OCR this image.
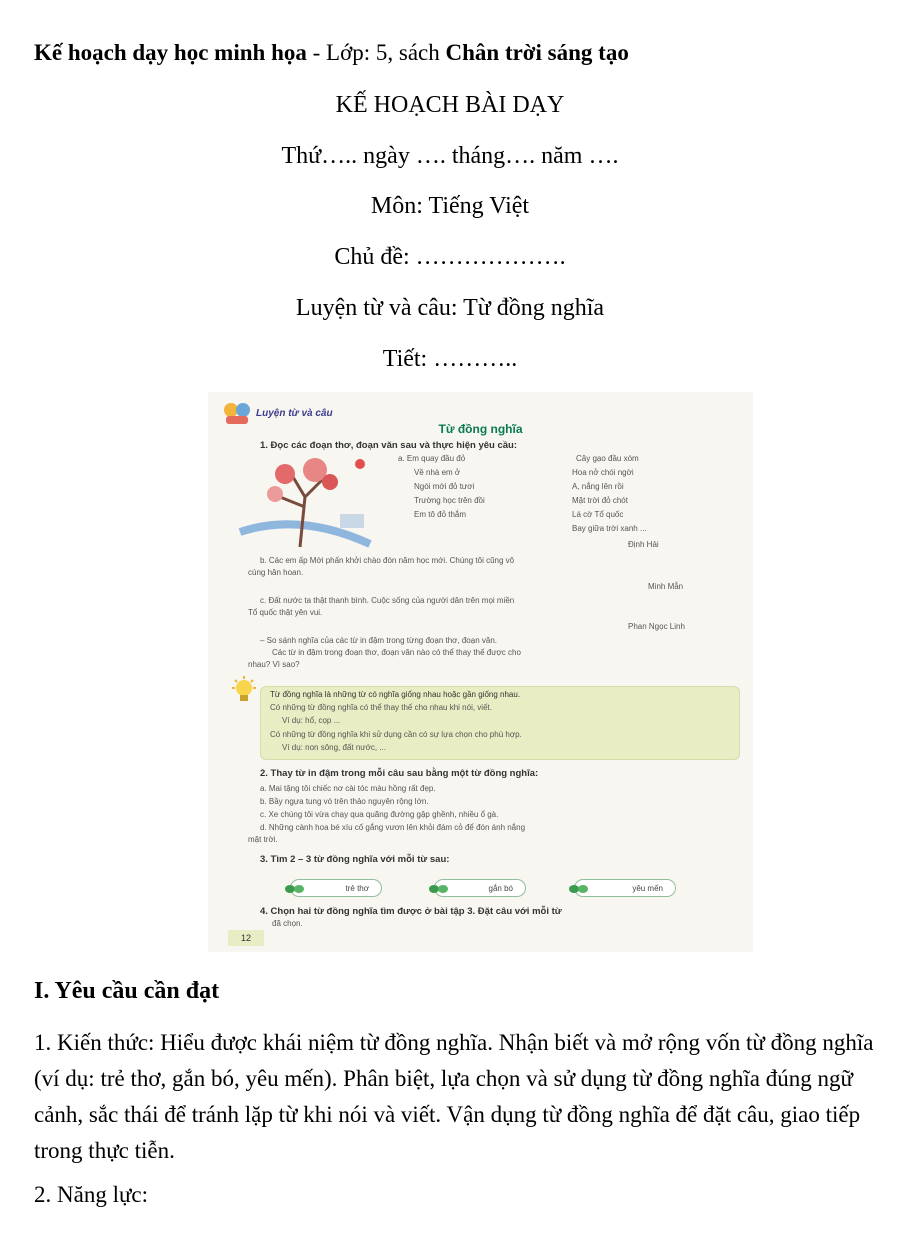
Kế hoạch dạy học minh họa - Lớp: 5, sách Chân trời sáng tạo
KẾ HOẠCH BÀI DẠY
Thứ….. ngày …. tháng…. năm ….
Môn: Tiếng Việt
Chủ đề: ……………….
Luyện từ và câu: Từ đồng nghĩa
Tiết: ………..
Luyện từ và câu
Từ đồng nghĩa
1. Đọc các đoạn thơ, đoạn văn sau và thực hiện yêu cầu:
a. Em quay đầu đỏ
Về nhà em ở
Ngói mới đỏ tươi
Trường học trên đồi
Em tô đỏ thắm
Cây gạo đầu xóm
Hoa nở chói ngời
A, nắng lên rồi
Mặt trời đỏ chót
Lá cờ Tổ quốc
Bay giữa trời xanh ...
Định Hải
b. Các em ấp Mới phấn khởi chào đón năm học mới. Chúng tôi cũng vô
cùng hân hoan.
Minh Mẫn
c. Đất nước ta thật thanh bình. Cuộc sống của người dân trên mọi miền
Tổ quốc thật yên vui.
Phan Ngọc Linh
– So sánh nghĩa của các từ in đậm trong từng đoạn thơ, đoạn văn.
Các từ in đậm trong đoạn thơ, đoạn văn nào có thể thay thế được cho
nhau? Vì sao?
Từ đồng nghĩa là những từ có nghĩa giống nhau hoặc gần giống nhau.
Có những từ đồng nghĩa có thể thay thế cho nhau khi nói, viết.
Ví dụ: hổ, cọp ...
Có những từ đồng nghĩa khi sử dụng cần có sự lựa chọn cho phù hợp.
Ví dụ: non sông, đất nước, ...
2. Thay từ in đậm trong mỗi câu sau bằng một từ đồng nghĩa:
a. Mai tặng tôi chiếc nơ cài tóc màu hồng rất đẹp.
b. Bầy ngựa tung vó trên thảo nguyên rộng lớn.
c. Xe chúng tôi vừa chạy qua quãng đường gập ghềnh, nhiều ổ gà.
d. Những cành hoa bé xíu cố gắng vươn lên khỏi đám cỏ để đón ánh nắng
mặt trời.
3. Tìm 2 – 3 từ đồng nghĩa với mỗi từ sau:
trẻ thơ	gắn bó	yêu mến
4. Chọn hai từ đồng nghĩa tìm được ở bài tập 3. Đặt câu với mỗi từ
đã chọn.
12
I. Yêu cầu cần đạt
1. Kiến thức: Hiểu được khái niệm từ đồng nghĩa. Nhận biết và mở rộng vốn từ đồng nghĩa (ví dụ: trẻ thơ, gắn bó, yêu mến). Phân biệt, lựa chọn và sử dụng từ đồng nghĩa đúng ngữ cảnh, sắc thái để tránh lặp từ khi nói và viết. Vận dụng từ đồng nghĩa để đặt câu, giao tiếp trong thực tiễn.
2. Năng lực:
